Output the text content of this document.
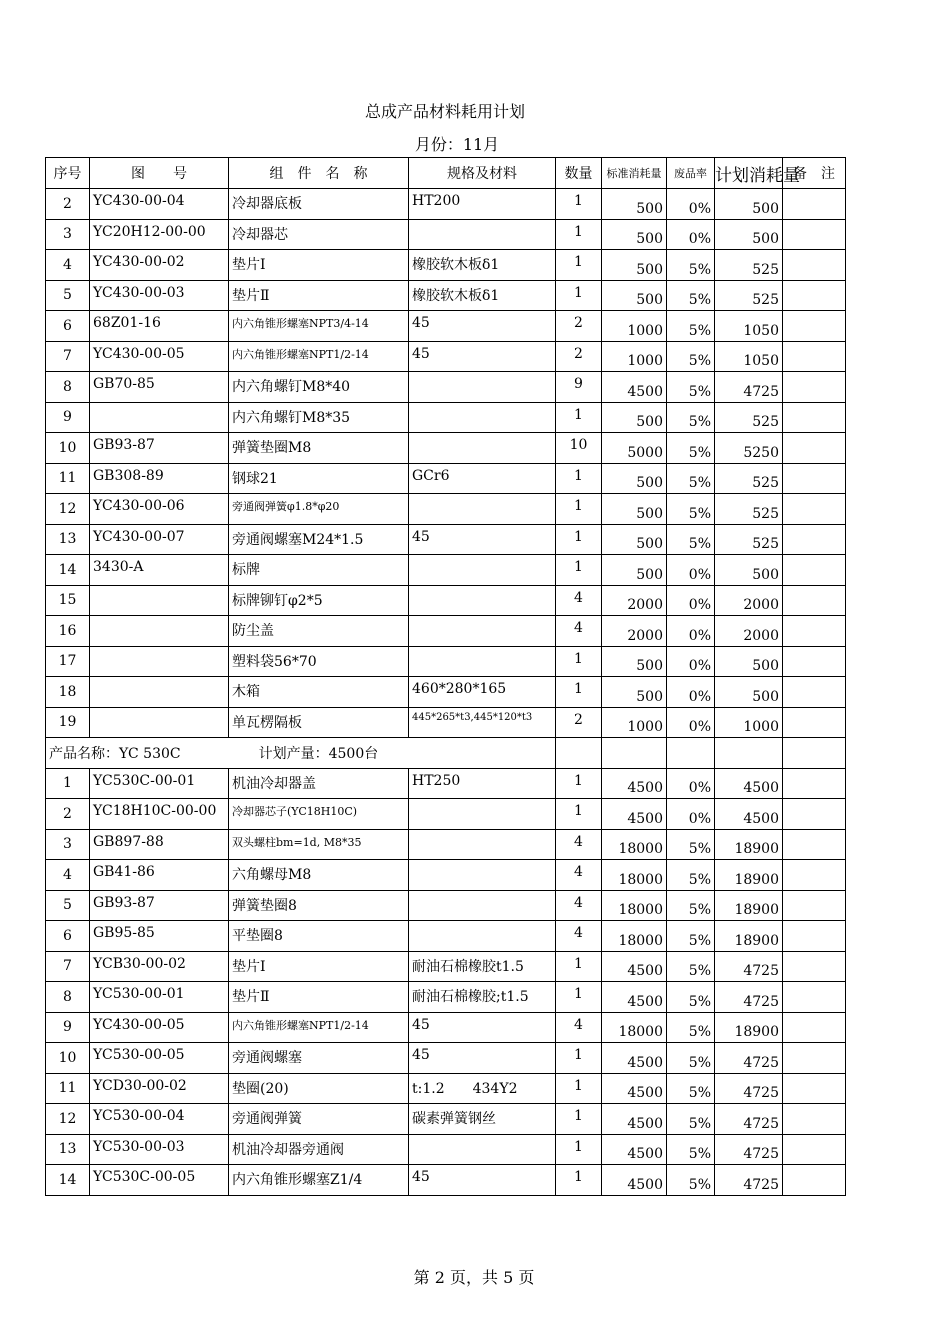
总成产品材料耗用计划
月份：11月
序号	图　　号	组　件　名　称	规格及材料	数量	标准消耗量	废品率	计划消耗量	备　注
2	YC430-00-04	冷却器底板	HT200	1	500	0%	500	
3	YC20H12-00-00	冷却器芯		1	500	0%	500	
4	YC430-00-02	垫片Ⅰ	橡胶软木板δ1	1	500	5%	525	
5	YC430-00-03	垫片Ⅱ	橡胶软木板δ1	1	500	5%	525	
6	68Z01-16	内六角锥形螺塞NPT3/4-14	45	2	1000	5%	1050	
7	YC430-00-05	内六角锥形螺塞NPT1/2-14	45	2	1000	5%	1050	
8	GB70-85	内六角螺钉M8*40		9	4500	5%	4725	
9		内六角螺钉M8*35		1	500	5%	525	
10	GB93-87	弹簧垫圈M8		10	5000	5%	5250	
11	GB308-89	钢球21	GCr6	1	500	5%	525	
12	YC430-00-06	旁通阀弹簧φ1.8*φ20		1	500	5%	525	
13	YC430-00-07	旁通阀螺塞M24*1.5	45	1	500	5%	525	
14	3430-A	标牌		1	500	0%	500	
15		标牌铆钉φ2*5		4	2000	0%	2000	
16		防尘盖		4	2000	0%	2000	
17		塑料袋56*70		1	500	0%	500	
18		木箱	460*280*165	1	500	0%	500	
19		单瓦楞隔板	445*265*t3,445*120*t3	2	1000	0%	1000	
产品名称：YC 530C 计划产量：4500台								
1	YC530C-00-01	机油冷却器盖	HT250	1	4500	0%	4500	
2	YC18H10C-00-00	冷却器芯子(YC18H10C)		1	4500	0%	4500	
3	GB897-88	双头螺柱bm=1d, M8*35		4	18000	5%	18900	
4	GB41-86	六角螺母M8		4	18000	5%	18900	
5	GB93-87	弹簧垫圈8		4	18000	5%	18900	
6	GB95-85	平垫圈8		4	18000	5%	18900	
7	YCB30-00-02	垫片Ⅰ	耐油石棉橡胶t1.5	1	4500	5%	4725	
8	YC530-00-01	垫片Ⅱ	耐油石棉橡胶;t1.5	1	4500	5%	4725	
9	YC430-00-05	内六角锥形螺塞NPT1/2-14	45	4	18000	5%	18900	
10	YC530-00-05	旁通阀螺塞	45	1	4500	5%	4725	
11	YCD30-00-02	垫圈(20)	t:1.2　　434Y2	1	4500	5%	4725	
12	YC530-00-04	旁通阀弹簧	碳素弹簧钢丝	1	4500	5%	4725	
13	YC530-00-03	机油冷却器旁通阀		1	4500	5%	4725	
14	YC530C-00-05	内六角锥形螺塞Z1/4	45	1	4500	5%	4725	
第 2 页，共 5 页
